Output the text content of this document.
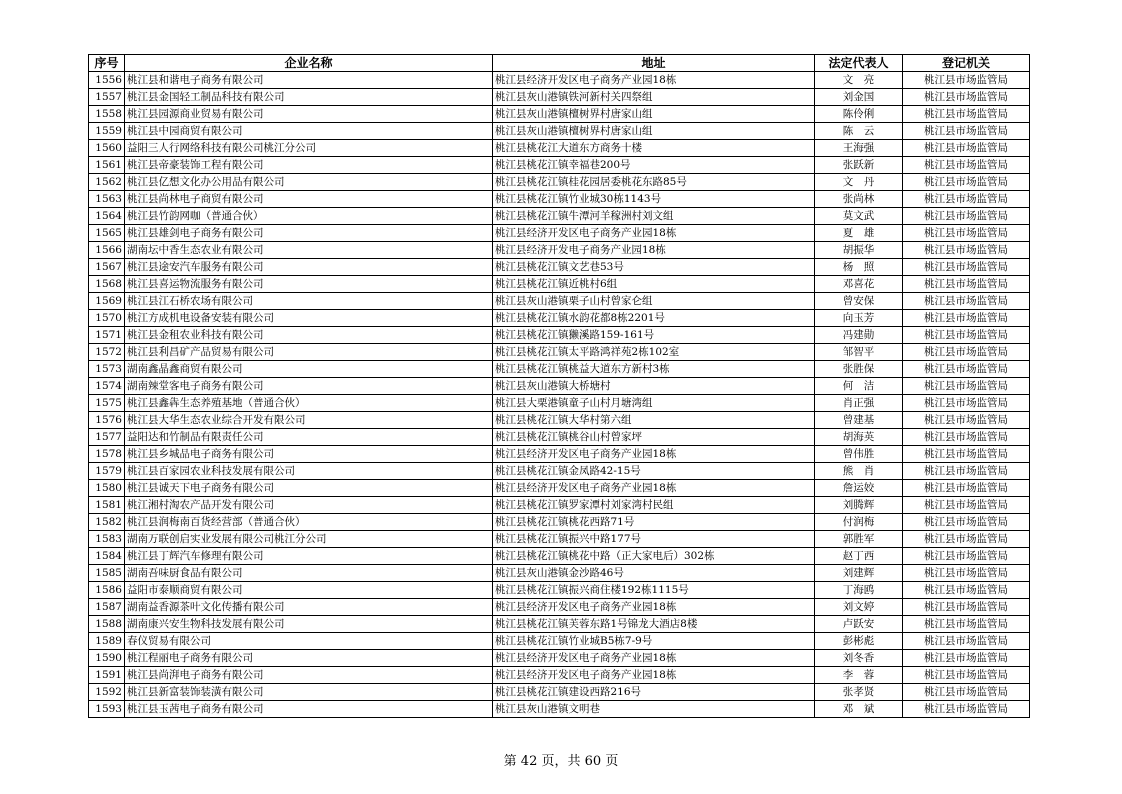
序号	企业名称	地址	法定代表人	登记机关
1556	桃江县和谐电子商务有限公司	桃江县经济开发区电子商务产业园18栋	文　亮	桃江县市场监管局
1557	桃江县金国轻工制品科技有限公司	桃江县灰山港镇铁河新村关四祭组	刘金国	桃江县市场监管局
1558	桃江县园源商业贸易有限公司	桃江县灰山港镇檀树界村唐家山组	陈伶俐	桃江县市场监管局
1559	桃江县中园商贸有限公司	桃江县灰山港镇檀树界村唐家山组	陈　云	桃江县市场监管局
1560	益阳三人行网络科技有限公司桃江分公司	桃江县桃花江大道东方商务十楼	王海强	桃江县市场监管局
1561	桃江县帝豪装饰工程有限公司	桃江县桃花江镇幸福巷200号	张跃新	桃江县市场监管局
1562	桃江县亿想文化办公用品有限公司	桃江县桃花江镇桂花园居委桃花东路85号	文　丹	桃江县市场监管局
1563	桃江县尚林电子商贸有限公司	桃江县桃花江镇竹业城30栋1143号	张尚林	桃江县市场监管局
1564	桃江县竹韵网咖（普通合伙）	桃江县桃花江镇牛潭河羊稼洲村刘文组	莫文武	桃江县市场监管局
1565	桃江县雄剑电子商务有限公司	桃江县经济开发区电子商务产业园18栋	夏　雄	桃江县市场监管局
1566	湖南坛中香生态农业有限公司	桃江县经济开发电子商务产业园18栋	胡振华	桃江县市场监管局
1567	桃江县途安汽车服务有限公司	桃江县桃花江镇文艺巷53号	杨　照	桃江县市场监管局
1568	桃江县喜运物流服务有限公司	桃江县桃花江镇近桃村6组	邓喜花	桃江县市场监管局
1569	桃江县江石桥农场有限公司	桃江县灰山港镇栗子山村曾家仑组	曾安保	桃江县市场监管局
1570	桃江方成机电设备安装有限公司	桃江县桃花江镇水韵花都8栋2201号	向玉芳	桃江县市场监管局
1571	桃江县金租农业科技有限公司	桃江县桃花江镇獭溪路159-161号	冯建勋	桃江县市场监管局
1572	桃江县利昌矿产品贸易有限公司	桃江县桃花江镇太平路鸿祥苑2栋102室	邹智平	桃江县市场监管局
1573	湖南鑫晶鑫商贸有限公司	桃江县桃花江镇桃益大道东方新村3栋	张胜保	桃江县市场监管局
1574	湖南辣堂客电子商务有限公司	桃江县灰山港镇大桥塘村	何　洁	桃江县市场监管局
1575	桃江县鑫犇生态养殖基地（普通合伙）	桃江县大栗港镇童子山村月塘湾组	肖正强	桃江县市场监管局
1576	桃江县大华生态农业综合开发有限公司	桃江县桃花江镇大华村第六组	曾建基	桃江县市场监管局
1577	益阳达和竹制品有限责任公司	桃江县桃花江镇桃谷山村曾家坪	胡海英	桃江县市场监管局
1578	桃江县乡城品电子商务有限公司	桃江县经济开发区电子商务产业园18栋	曾伟胜	桃江县市场监管局
1579	桃江县百家园农业科技发展有限公司	桃江县桃花江镇金凤路42-15号	熊　肖	桃江县市场监管局
1580	桃江县诚天下电子商务有限公司	桃江县经济开发区电子商务产业园18栋	詹运姣	桃江县市场监管局
1581	桃江湘村淘农产品开发有限公司	桃江县桃花江镇罗家潭村刘家湾村民组	刘腾辉	桃江县市场监管局
1582	桃江县润梅南百货经营部（普通合伙）	桃江县桃花江镇桃花西路71号	付润梅	桃江县市场监管局
1583	湖南万联创启实业发展有限公司桃江分公司	桃江县桃花江镇振兴中路177号	郭胜军	桃江县市场监管局
1584	桃江县丁辉汽车修理有限公司	桃江县桃花江镇桃花中路（正大家电后）302栋	赵丁西	桃江县市场监管局
1585	湖南吾味厨食品有限公司	桃江县灰山港镇金沙路46号	刘建辉	桃江县市场监管局
1586	益阳市泰顺商贸有限公司	桃江县桃花江镇振兴商住楼192栋1115号	丁海鸥	桃江县市场监管局
1587	湖南益香源茶叶文化传播有限公司	桃江县经济开发区电子商务产业园18栋	刘文婷	桃江县市场监管局
1588	湖南康兴安生物科技发展有限公司	桃江县桃花江镇芙蓉东路1号锦龙大酒店8楼	卢跃安	桃江县市场监管局
1589	春仪贸易有限公司	桃江县桃花江镇竹业城B5栋7-9号	彭彬彪	桃江县市场监管局
1590	桃江程丽电子商务有限公司	桃江县经济开发区电子商务产业园18栋	刘冬香	桃江县市场监管局
1591	桃江县尚湃电子商务有限公司	桃江县经济开发区电子商务产业园18栋	李　蓉	桃江县市场监管局
1592	桃江县新富装饰装潢有限公司	桃江县桃花江镇建设西路216号	张孝贤	桃江县市场监管局
1593	桃江县玉茜电子商务有限公司	桃江县灰山港镇文明巷	邓　斌	桃江县市场监管局
第 42 页，共 60 页
